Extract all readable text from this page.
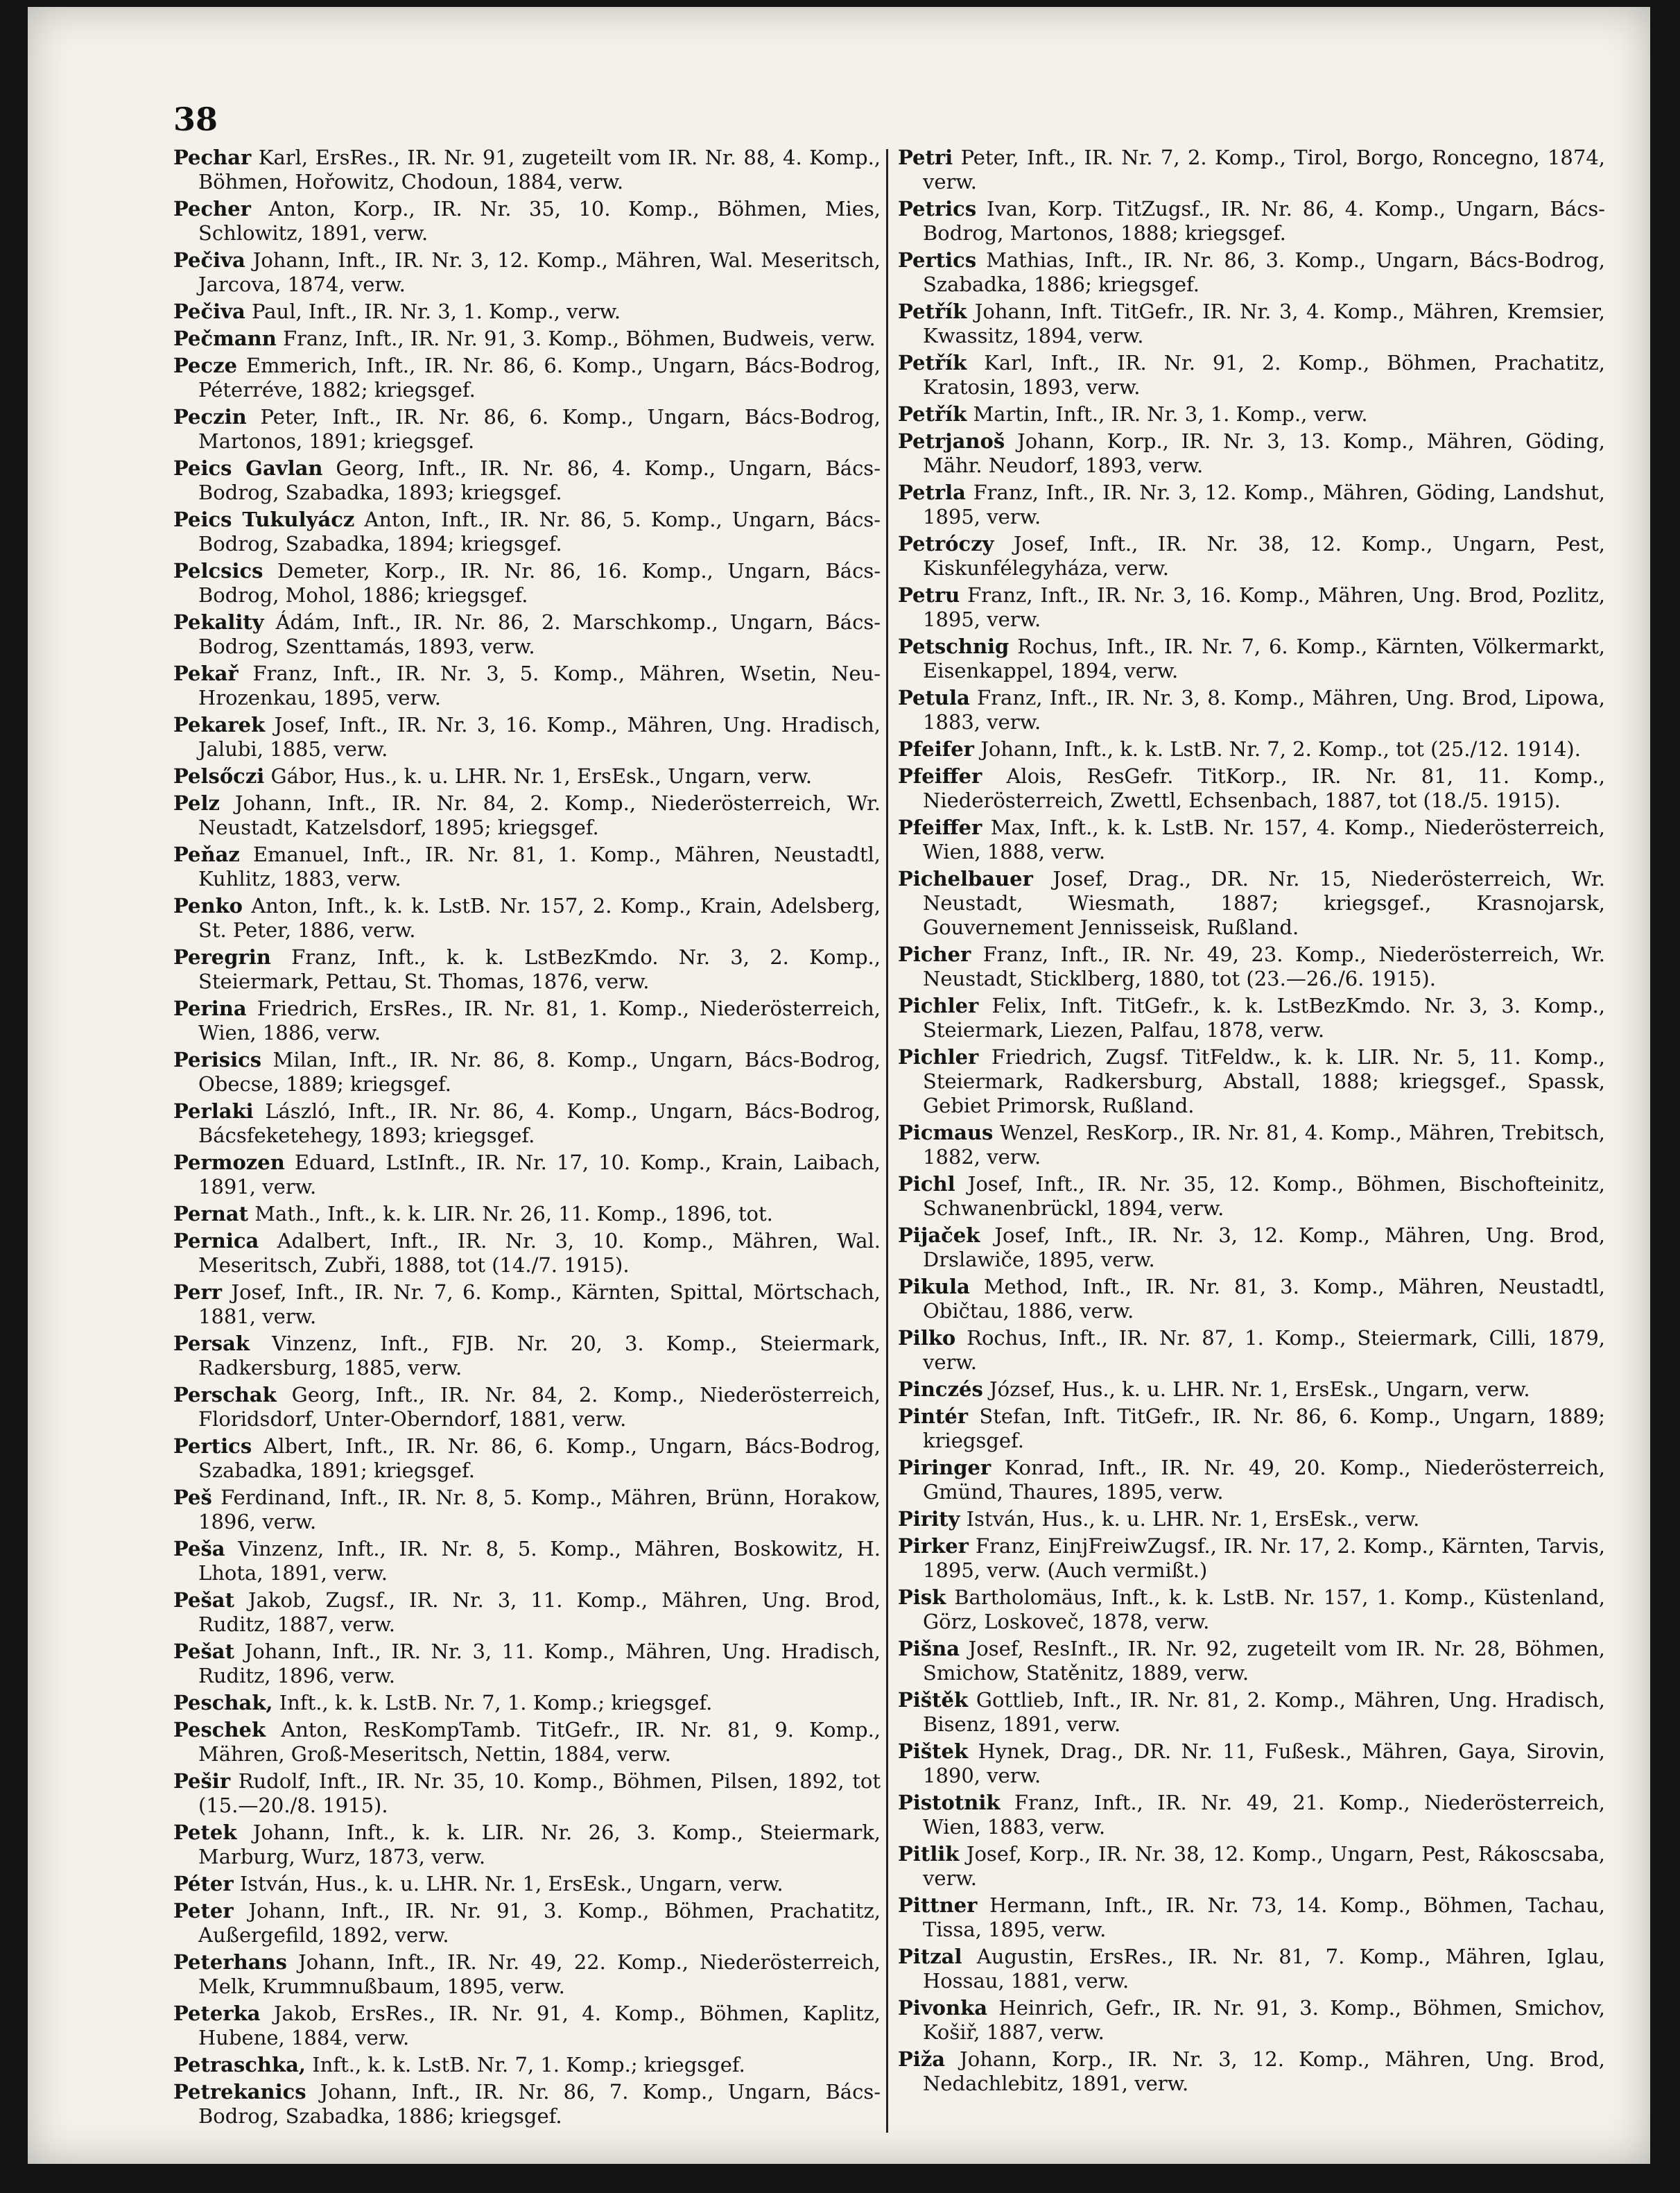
38

Pechar Karl, ErsRes., IR. Nr. 91, zugeteilt vom IR. Nr. 88, 4. Komp., Böhmen, Hořowitz, Chodoun, 1884, verw.

Pecher Anton, Korp., IR. Nr. 35, 10. Komp., Böhmen, Mies, Schlowitz, 1891, verw.

Pečiva Johann, Inft., IR. Nr. 3, 12. Komp., Mähren, Wal. Meseritsch, Jarcova, 1874, verw.

Pečiva Paul, Inft., IR. Nr. 3, 1. Komp., verw.

Pečmann Franz, Inft., IR. Nr. 91, 3. Komp., Böhmen, Budweis, verw.

Pecze Emmerich, Inft., IR. Nr. 86, 6. Komp., Ungarn, Bács-Bodrog, Péterréve, 1882; kriegsgef.

Peczin Peter, Inft., IR. Nr. 86, 6. Komp., Ungarn, Bács-Bodrog, Martonos, 1891; kriegsgef.

Peics Gavlan Georg, Inft., IR. Nr. 86, 4. Komp., Ungarn, Bács-Bodrog, Szabadka, 1893; kriegsgef.

Peics Tukulyácz Anton, Inft., IR. Nr. 86, 5. Komp., Ungarn, Bács-Bodrog, Szabadka, 1894; kriegsgef.

Pelcsics Demeter, Korp., IR. Nr. 86, 16. Komp., Ungarn, Bács-Bodrog, Mohol, 1886; kriegsgef.

Pekality Ádám, Inft., IR. Nr. 86, 2. Marschkomp., Ungarn, Bács-Bodrog, Szenttamás, 1893, verw.

Pekař Franz, Inft., IR. Nr. 3, 5. Komp., Mähren, Wsetin, Neu-Hrozenkau, 1895, verw.

Pekarek Josef, Inft., IR. Nr. 3, 16. Komp., Mähren, Ung. Hradisch, Jalubi, 1885, verw.

Pelsőczi Gábor, Hus., k. u. LHR. Nr. 1, ErsEsk., Ungarn, verw.

Pelz Johann, Inft., IR. Nr. 84, 2. Komp., Niederösterreich, Wr. Neustadt, Katzelsdorf, 1895; kriegsgef.

Peňaz Emanuel, Inft., IR. Nr. 81, 1. Komp., Mähren, Neustadtl, Kuhlitz, 1883, verw.

Penko Anton, Inft., k. k. LstB. Nr. 157, 2. Komp., Krain, Adelsberg, St. Peter, 1886, verw.

Peregrin Franz, Inft., k. k. LstBezKmdo. Nr. 3, 2. Komp., Steiermark, Pettau, St. Thomas, 1876, verw.

Perina Friedrich, ErsRes., IR. Nr. 81, 1. Komp., Niederösterreich, Wien, 1886, verw.

Perisics Milan, Inft., IR. Nr. 86, 8. Komp., Ungarn, Bács-Bodrog, Obecse, 1889; kriegsgef.

Perlaki László, Inft., IR. Nr. 86, 4. Komp., Ungarn, Bács-Bodrog, Bácsfeketehegy, 1893; kriegsgef.

Permozen Eduard, LstInft., IR. Nr. 17, 10. Komp., Krain, Laibach, 1891, verw.

Pernat Math., Inft., k. k. LIR. Nr. 26, 11. Komp., 1896, tot.

Pernica Adalbert, Inft., IR. Nr. 3, 10. Komp., Mähren, Wal. Meseritsch, Zubři, 1888, tot (14./7. 1915).

Perr Josef, Inft., IR. Nr. 7, 6. Komp., Kärnten, Spittal, Mörtschach, 1881, verw.

Persak Vinzenz, Inft., FJB. Nr. 20, 3. Komp., Steiermark, Radkersburg, 1885, verw.

Perschak Georg, Inft., IR. Nr. 84, 2. Komp., Niederösterreich, Floridsdorf, Unter-Oberndorf, 1881, verw.

Pertics Albert, Inft., IR. Nr. 86, 6. Komp., Ungarn, Bács-Bodrog, Szabadka, 1891; kriegsgef.

Peš Ferdinand, Inft., IR. Nr. 8, 5. Komp., Mähren, Brünn, Horakow, 1896, verw.

Peša Vinzenz, Inft., IR. Nr. 8, 5. Komp., Mähren, Boskowitz, H. Lhota, 1891, verw.

Pešat Jakob, Zugsf., IR. Nr. 3, 11. Komp., Mähren, Ung. Brod, Ruditz, 1887, verw.

Pešat Johann, Inft., IR. Nr. 3, 11. Komp., Mähren, Ung. Hradisch, Ruditz, 1896, verw.

Peschak, Inft., k. k. LstB. Nr. 7, 1. Komp.; kriegsgef.

Peschek Anton, ResKompTamb. TitGefr., IR. Nr. 81, 9. Komp., Mähren, Groß-Meseritsch, Nettin, 1884, verw.

Pešir Rudolf, Inft., IR. Nr. 35, 10. Komp., Böhmen, Pilsen, 1892, tot (15.—20./8. 1915).

Petek Johann, Inft., k. k. LIR. Nr. 26, 3. Komp., Steiermark, Marburg, Wurz, 1873, verw.

Péter István, Hus., k. u. LHR. Nr. 1, ErsEsk., Ungarn, verw.

Peter Johann, Inft., IR. Nr. 91, 3. Komp., Böhmen, Prachatitz, Außergefild, 1892, verw.

Peterhans Johann, Inft., IR. Nr. 49, 22. Komp., Niederösterreich, Melk, Krummnußbaum, 1895, verw.

Peterka Jakob, ErsRes., IR. Nr. 91, 4. Komp., Böhmen, Kaplitz, Hubene, 1884, verw.

Petraschka, Inft., k. k. LstB. Nr. 7, 1. Komp.; kriegsgef.

Petrekanics Johann, Inft., IR. Nr. 86, 7. Komp., Ungarn, Bács-Bodrog, Szabadka, 1886; kriegsgef.

Petri Peter, Inft., IR. Nr. 7, 2. Komp., Tirol, Borgo, Roncegno, 1874, verw.

Petrics Ivan, Korp. TitZugsf., IR. Nr. 86, 4. Komp., Ungarn, Bács-Bodrog, Martonos, 1888; kriegsgef.

Pertics Mathias, Inft., IR. Nr. 86, 3. Komp., Ungarn, Bács-Bodrog, Szabadka, 1886; kriegsgef.

Petřík Johann, Inft. TitGefr., IR. Nr. 3, 4. Komp., Mähren, Kremsier, Kwassitz, 1894, verw.

Petřík Karl, Inft., IR. Nr. 91, 2. Komp., Böhmen, Prachatitz, Kratosin, 1893, verw.

Petřík Martin, Inft., IR. Nr. 3, 1. Komp., verw.

Petrjanoš Johann, Korp., IR. Nr. 3, 13. Komp., Mähren, Göding, Mähr. Neudorf, 1893, verw.

Petrla Franz, Inft., IR. Nr. 3, 12. Komp., Mähren, Göding, Landshut, 1895, verw.

Petróczy Josef, Inft., IR. Nr. 38, 12. Komp., Ungarn, Pest, Kiskunfélegyháza, verw.

Petru Franz, Inft., IR. Nr. 3, 16. Komp., Mähren, Ung. Brod, Pozlitz, 1895, verw.

Petschnig Rochus, Inft., IR. Nr. 7, 6. Komp., Kärnten, Völkermarkt, Eisenkappel, 1894, verw.

Petula Franz, Inft., IR. Nr. 3, 8. Komp., Mähren, Ung. Brod, Lipowa, 1883, verw.

Pfeifer Johann, Inft., k. k. LstB. Nr. 7, 2. Komp., tot (25./12. 1914).

Pfeiffer Alois, ResGefr. TitKorp., IR. Nr. 81, 11. Komp., Niederösterreich, Zwettl, Echsenbach, 1887, tot (18./5. 1915).

Pfeiffer Max, Inft., k. k. LstB. Nr. 157, 4. Komp., Niederösterreich, Wien, 1888, verw.

Pichelbauer Josef, Drag., DR. Nr. 15, Niederösterreich, Wr. Neustadt, Wiesmath, 1887; kriegsgef., Krasnojarsk, Gouvernement Jennisseisk, Rußland.

Picher Franz, Inft., IR. Nr. 49, 23. Komp., Niederösterreich, Wr. Neustadt, Sticklberg, 1880, tot (23.—26./6. 1915).

Pichler Felix, Inft. TitGefr., k. k. LstBezKmdo. Nr. 3, 3. Komp., Steiermark, Liezen, Palfau, 1878, verw.

Pichler Friedrich, Zugsf. TitFeldw., k. k. LIR. Nr. 5, 11. Komp., Steiermark, Radkersburg, Abstall, 1888; kriegsgef., Spassk, Gebiet Primorsk, Rußland.

Picmaus Wenzel, ResKorp., IR. Nr. 81, 4. Komp., Mähren, Trebitsch, 1882, verw.

Pichl Josef, Inft., IR. Nr. 35, 12. Komp., Böhmen, Bischofteinitz, Schwanenbrückl, 1894, verw.

Pijaček Josef, Inft., IR. Nr. 3, 12. Komp., Mähren, Ung. Brod, Drslawiče, 1895, verw.

Pikula Method, Inft., IR. Nr. 81, 3. Komp., Mähren, Neustadtl, Običtau, 1886, verw.

Pilko Rochus, Inft., IR. Nr. 87, 1. Komp., Steiermark, Cilli, 1879, verw.

Pinczés József, Hus., k. u. LHR. Nr. 1, ErsEsk., Ungarn, verw.

Pintér Stefan, Inft. TitGefr., IR. Nr. 86, 6. Komp., Ungarn, 1889; kriegsgef.

Piringer Konrad, Inft., IR. Nr. 49, 20. Komp., Niederösterreich, Gmünd, Thaures, 1895, verw.

Pirity István, Hus., k. u. LHR. Nr. 1, ErsEsk., verw.

Pirker Franz, EinjFreiwZugsf., IR. Nr. 17, 2. Komp., Kärnten, Tarvis, 1895, verw. (Auch vermißt.)

Pisk Bartholomäus, Inft., k. k. LstB. Nr. 157, 1. Komp., Küstenland, Görz, Loskoveč, 1878, verw.

Pišna Josef, ResInft., IR. Nr. 92, zugeteilt vom IR. Nr. 28, Böhmen, Smichow, Statěnitz, 1889, verw.

Pištěk Gottlieb, Inft., IR. Nr. 81, 2. Komp., Mähren, Ung. Hradisch, Bisenz, 1891, verw.

Pištek Hynek, Drag., DR. Nr. 11, Fußesk., Mähren, Gaya, Sirovin, 1890, verw.

Pistotnik Franz, Inft., IR. Nr. 49, 21. Komp., Niederösterreich, Wien, 1883, verw.

Pitlik Josef, Korp., IR. Nr. 38, 12. Komp., Ungarn, Pest, Rákoscsaba, verw.

Pittner Hermann, Inft., IR. Nr. 73, 14. Komp., Böhmen, Tachau, Tissa, 1895, verw.

Pitzal Augustin, ErsRes., IR. Nr. 81, 7. Komp., Mähren, Iglau, Hossau, 1881, verw.

Pivonka Heinrich, Gefr., IR. Nr. 91, 3. Komp., Böhmen, Smichov, Košiř, 1887, verw.

Piža Johann, Korp., IR. Nr. 3, 12. Komp., Mähren, Ung. Brod, Nedachlebitz, 1891, verw.
